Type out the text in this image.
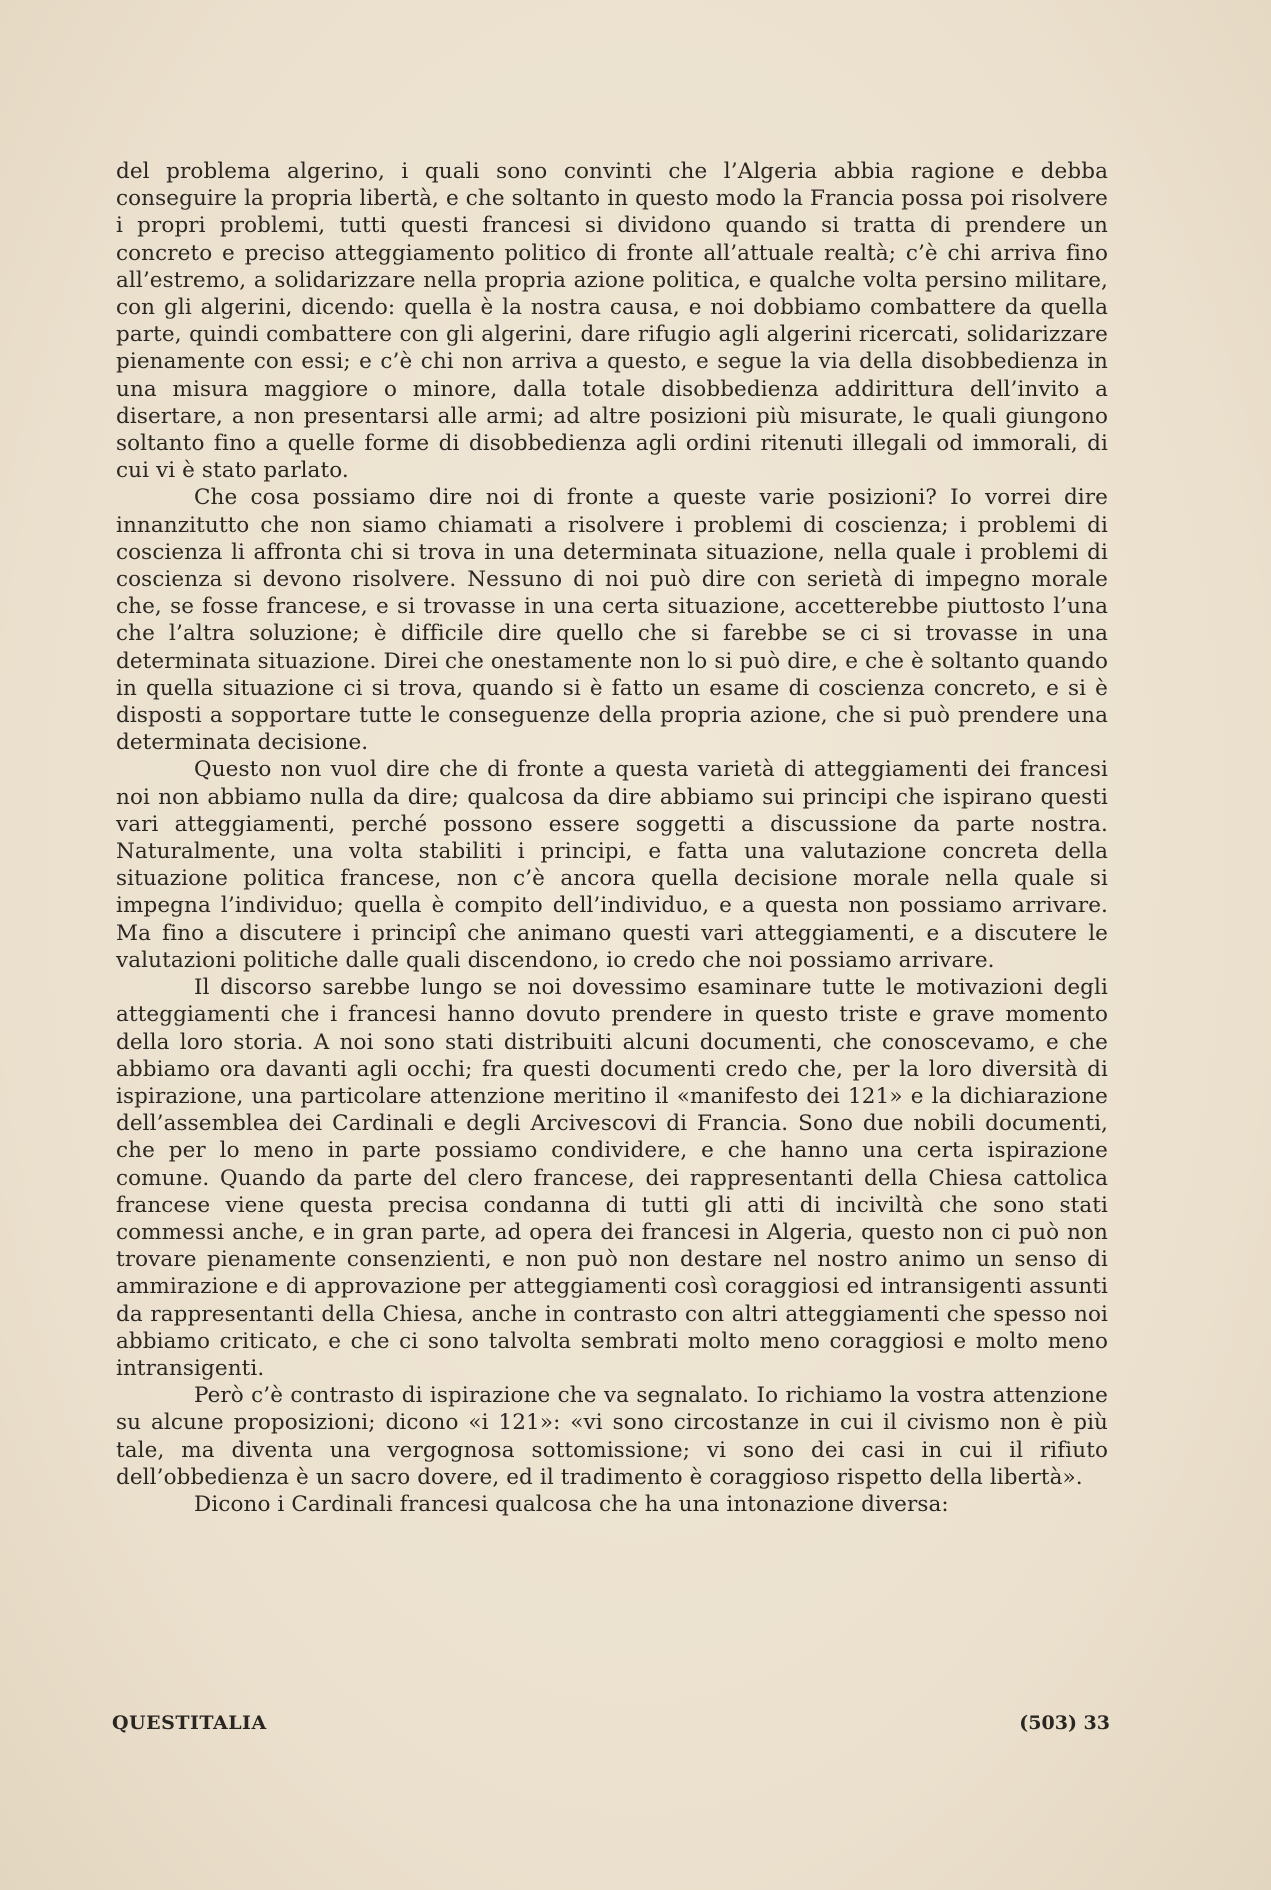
del problema algerino, i quali sono convinti che l’Algeria abbia ragione e debba conseguire la propria libertà, e che soltanto in questo modo la Francia possa poi risolvere i propri problemi, tutti questi francesi si dividono quando si tratta di prendere un concreto e preciso atteggiamento politico di fronte all’attuale realtà; c’è chi arriva fino all’estremo, a solidarizzare nella propria azione politica, e qualche volta persino militare, con gli algerini, dicendo: quella è la nostra causa, e noi dobbiamo combattere da quella parte, quindi combattere con gli algerini, dare rifugio agli algerini ricercati, solidarizzare pienamente con essi; e c’è chi non arriva a questo, e segue la via della disobbedienza in una misura maggiore o minore, dalla totale disobbedienza addirittura dell’invito a disertare, a non presentarsi alle armi; ad altre posizioni più misurate, le quali giungono soltanto fino a quelle forme di disobbedienza agli ordini ritenuti illegali od immorali, di cui vi è stato parlato.

Che cosa possiamo dire noi di fronte a queste varie posizioni? Io vorrei dire innanzitutto che non siamo chiamati a risolvere i problemi di coscienza; i problemi di coscienza li affronta chi si trova in una determinata situazione, nella quale i problemi di coscienza si devono risolvere. Nessuno di noi può dire con serietà di impegno morale che, se fosse francese, e si trovasse in una certa situazione, accetterebbe piuttosto l’una che l’altra soluzione; è difficile dire quello che si farebbe se ci si trovasse in una determinata situazione. Direi che onestamente non lo si può dire, e che è soltanto quando in quella situazione ci si trova, quando si è fatto un esame di coscienza concreto, e si è disposti a sopportare tutte le conseguenze della propria azione, che si può prendere una determinata decisione.

Questo non vuol dire che di fronte a questa varietà di atteggiamenti dei francesi noi non abbiamo nulla da dire; qualcosa da dire abbiamo sui principi che ispirano questi vari atteggiamenti, perché possono essere soggetti a discussione da parte nostra. Naturalmente, una volta stabiliti i principi, e fatta una valutazione concreta della situazione politica francese, non c’è ancora quella decisione morale nella quale si impegna l’individuo; quella è compito dell’individuo, e a questa non possiamo arrivare. Ma fino a discutere i principî che animano questi vari atteggiamenti, e a discutere le valutazioni politiche dalle quali discendono, io credo che noi possiamo arrivare.

Il discorso sarebbe lungo se noi dovessimo esaminare tutte le motivazioni degli atteggiamenti che i francesi hanno dovuto prendere in questo triste e grave momento della loro storia. A noi sono stati distribuiti alcuni documenti, che conoscevamo, e che abbiamo ora davanti agli occhi; fra questi documenti credo che, per la loro diversità di ispirazione, una particolare attenzione meritino il «manifesto dei 121» e la dichiarazione dell’assemblea dei Cardinali e degli Arcivescovi di Francia. Sono due nobili documenti, che per lo meno in parte possiamo condividere, e che hanno una certa ispirazione comune. Quando da parte del clero francese, dei rappresentanti della Chiesa cattolica francese viene questa precisa condanna di tutti gli atti di inciviltà che sono stati commessi anche, e in gran parte, ad opera dei francesi in Algeria, questo non ci può non trovare pienamente consenzienti, e non può non destare nel nostro animo un senso di ammirazione e di approvazione per atteggiamenti così coraggiosi ed intransigenti assunti da rappresentanti della Chiesa, anche in contrasto con altri atteggiamenti che spesso noi abbiamo criticato, e che ci sono talvolta sembrati molto meno coraggiosi e molto meno intransigenti.

Però c’è contrasto di ispirazione che va segnalato. Io richiamo la vostra attenzione su alcune proposizioni; dicono «i 121»: «vi sono circostanze in cui il civismo non è più tale, ma diventa una vergognosa sottomissione; vi sono dei casi in cui il rifiuto dell’obbedienza è un sacro dovere, ed il tradimento è coraggioso rispetto della libertà».

Dicono i Cardinali francesi qualcosa che ha una intonazione diversa:

QUESTITALIA	(503) 33
